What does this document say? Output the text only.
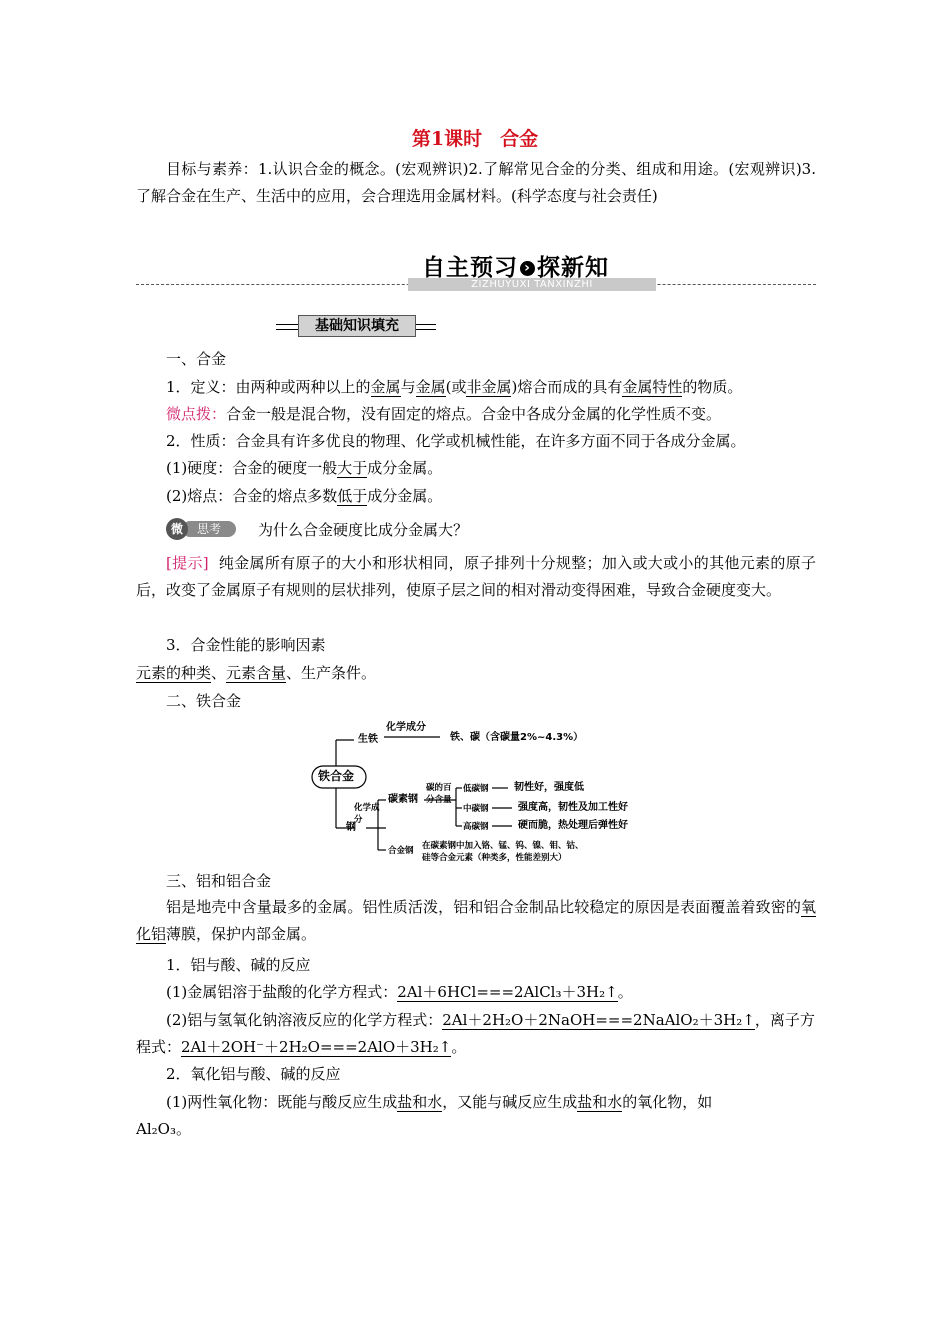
第1课时 合金
目标与素养：1.认识合金的概念。(宏观辨识)2.了解常见合金的分类、组成和用途。(宏观辨识)3.了解合金在生产、生活中的应用，会合理选用金属材料。(科学态度与社会责任)
ZIZHUYUXI TANXINZHI
自主预习 › 探新知
基础知识填充
一、合金
1．定义：由两种或两种以上的金属与金属(或非金属)熔合而成的具有金属特性的物质。
微点拨：合金一般是混合物，没有固定的熔点。合金中各成分金属的化学性质不变。
2．性质：合金具有许多优良的物理、化学或机械性能，在许多方面不同于各成分金属。
(1)硬度：合金的硬度一般大于成分金属。
(2)熔点：合金的熔点多数低于成分金属。
思考
微	为什么合金硬度比成分金属大？
[提示] 纯金属所有原子的大小和形状相同，原子排列十分规整；加入或大或小的其他元素的原子后，改变了金属原子有规则的层状排列，使原子层之间的相对滑动变得困难，导致合金硬度变大。
3．合金性能的影响因素
元素的种类、元素含量、生产条件。
二、铁合金
铁合金
生铁
化学成分
铁、碳（含碳量2%~4.3%）
钢
化学成分
碳素钢
碳的百分含量
低碳钢	韧性好，强度低
中碳钢	强度高，韧性及加工性好
高碳钢	硬而脆，热处理后弹性好
合金钢 在碳素钢中加入铬、锰、钨、镍、钼、钴、
硅等合金元素（种类多，性能差别大）
三、铝和铝合金
铝是地壳中含量最多的金属。铝性质活泼，铝和铝合金制品比较稳定的原因是表面覆盖着致密的氧化铝薄膜，保护内部金属。
1．铝与酸、碱的反应
(1)金属铝溶于盐酸的化学方程式：2Al＋6HCl===2AlCl₃＋3H₂↑。
(2)铝与氢氧化钠溶液反应的化学方程式：2Al＋2H₂O＋2NaOH===2NaAlO₂＋3H₂↑，离子方
程式：2Al＋2OH⁻＋2H₂O===2AlO＋3H₂↑。
2．氧化铝与酸、碱的反应
(1)两性氧化物：既能与酸反应生成盐和水，又能与碱反应生成盐和水的氧化物，如
Al₂O₃。
